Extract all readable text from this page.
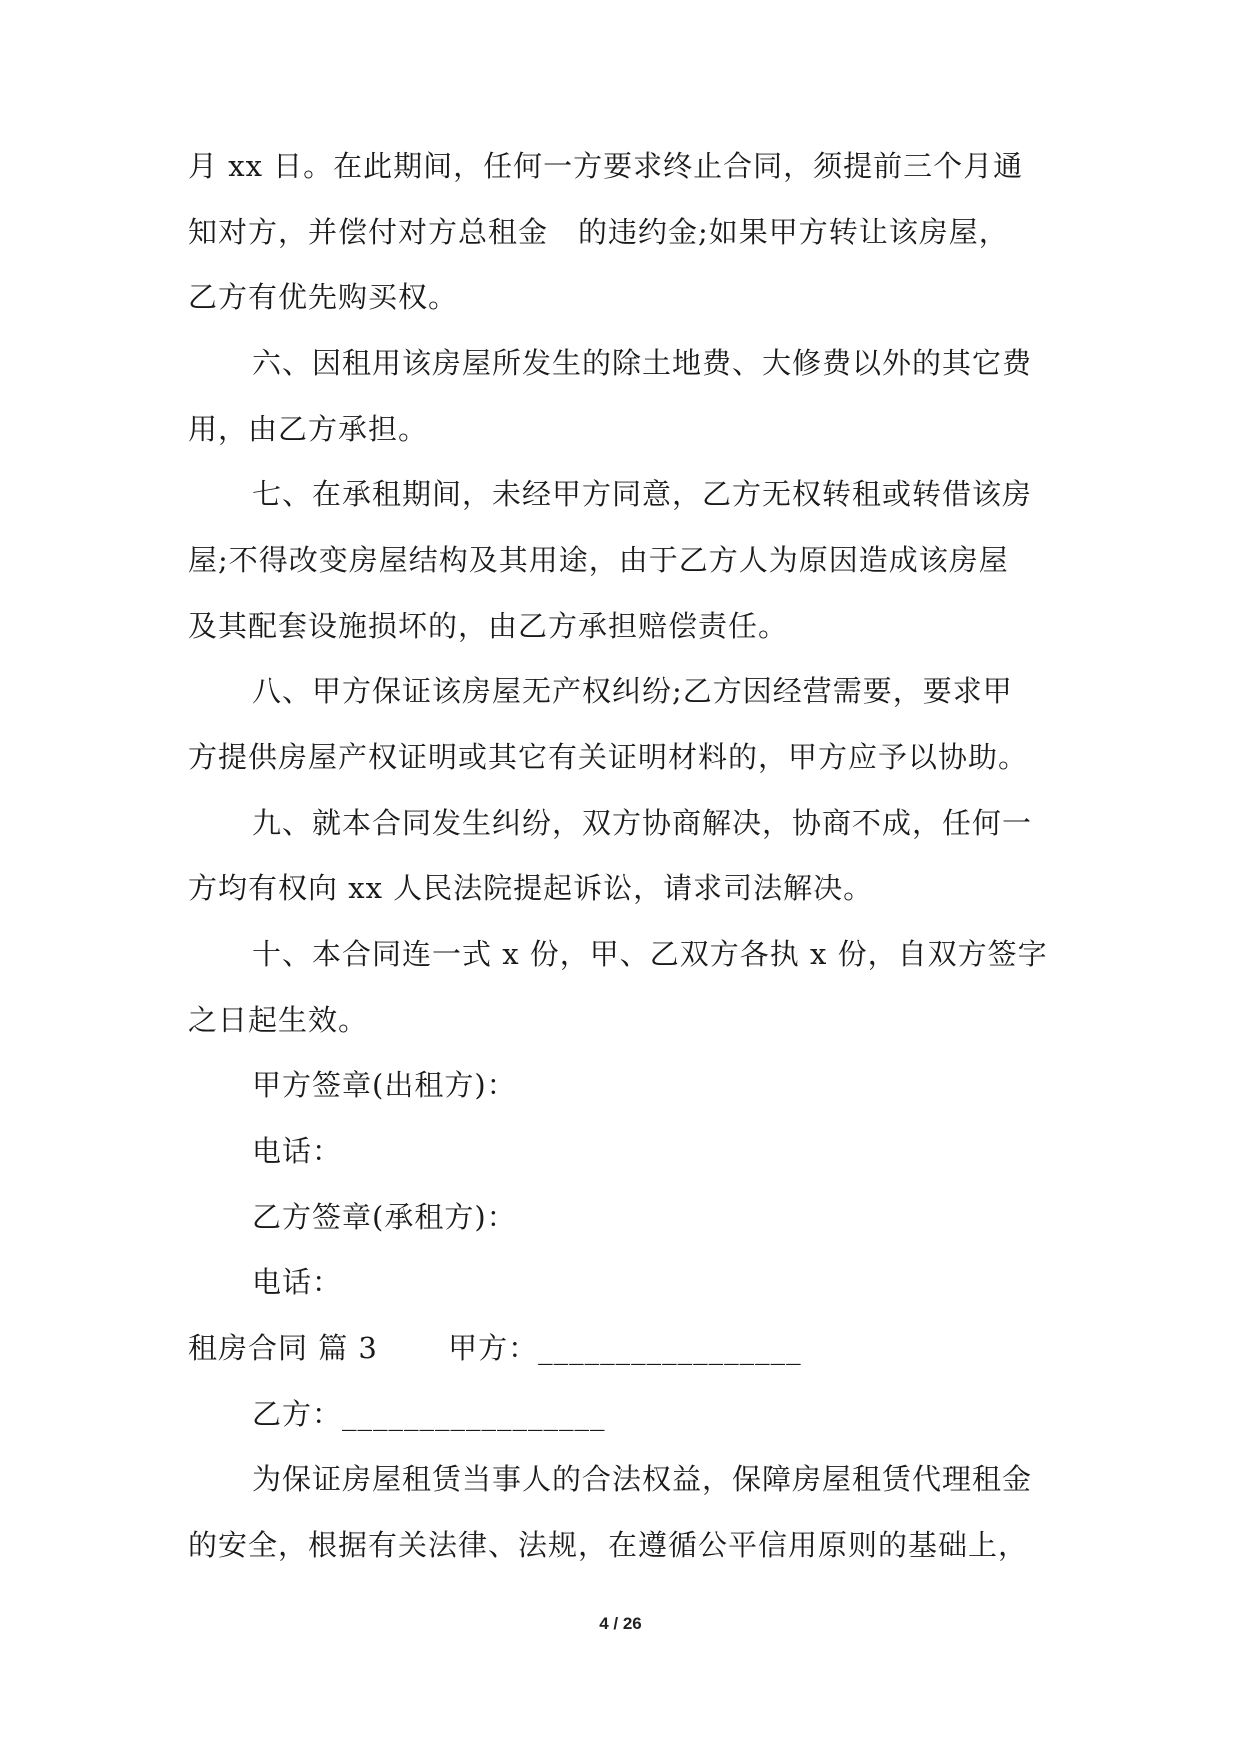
月 xx 日。在此期间，任何一方要求终止合同，须提前三个月通
知对方，并偿付对方总租金　的违约金;如果甲方转让该房屋，
乙方有优先购买权。
六、因租用该房屋所发生的除土地费、大修费以外的其它费
用，由乙方承担。
七、在承租期间，未经甲方同意，乙方无权转租或转借该房
屋;不得改变房屋结构及其用途，由于乙方人为原因造成该房屋
及其配套设施损坏的，由乙方承担赔偿责任。
八、甲方保证该房屋无产权纠纷;乙方因经营需要，要求甲
方提供房屋产权证明或其它有关证明材料的，甲方应予以协助。
九、就本合同发生纠纷，双方协商解决，协商不成，任何一
方均有权向 xx 人民法院提起诉讼，请求司法解决。
十、本合同连一式 x 份，甲、乙双方各执 x 份，自双方签字
之日起生效。
甲方签章(出租方)：
电话：
乙方签章(承租方)：
电话：
租房合同 篇 3　　 甲方：_________________
乙方：_________________
为保证房屋租赁当事人的合法权益，保障房屋租赁代理租金
的安全，根据有关法律、法规，在遵循公平信用原则的基础上，
4 / 26
